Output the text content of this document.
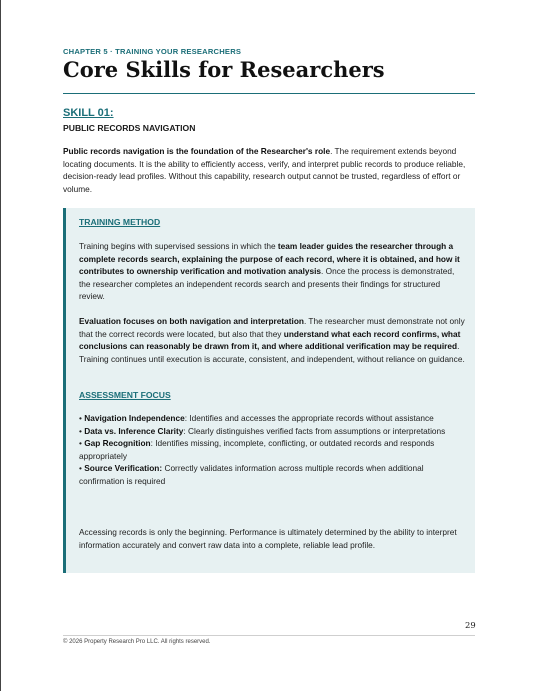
CHAPTER 5 · TRAINING YOUR RESEARCHERS
Core Skills for Researchers
SKILL 01:
PUBLIC RECORDS NAVIGATION

Public records navigation is the foundation of the Researcher's role. The requirement extends beyond locating documents. It is the ability to efficiently access, verify, and interpret public records to produce reliable, decision-ready lead profiles. Without this capability, research output cannot be trusted, regardless of effort or volume.

TRAINING METHOD

Training begins with supervised sessions in which the team leader guides the researcher through a complete records search, explaining the purpose of each record, where it is obtained, and how it contributes to ownership verification and motivation analysis. Once the process is demonstrated, the researcher completes an independent records search and presents their findings for structured review.

Evaluation focuses on both navigation and interpretation. The researcher must demonstrate not only that the correct records were located, but also that they understand what each record confirms, what conclusions can reasonably be drawn from it, and where additional verification may be required. Training continues until execution is accurate, consistent, and independent, without reliance on guidance.

ASSESSMENT FOCUS
• Navigation Independence: Identifies and accesses the appropriate records without assistance
• Data vs. Inference Clarity: Clearly distinguishes verified facts from assumptions or interpretations
• Gap Recognition: Identifies missing, incomplete, conflicting, or outdated records and responds appropriately
• Source Verification: Correctly validates information across multiple records when additional confirmation is required

Accessing records is only the beginning. Performance is ultimately determined by the ability to interpret information accurately and convert raw data into a complete, reliable lead profile.

29
© 2026 Property Research Pro LLC. All rights reserved.
